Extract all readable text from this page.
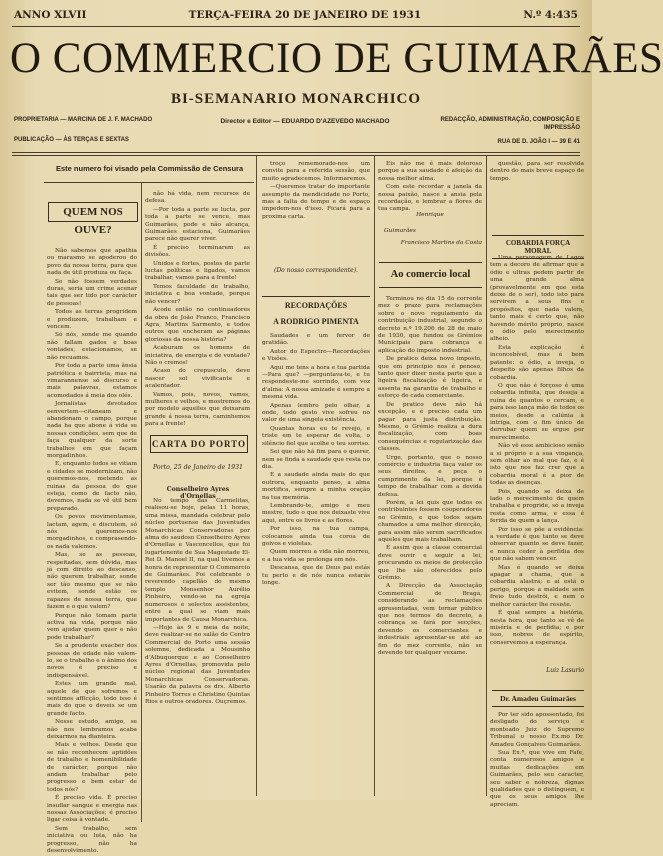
ANNO XLVII	TERÇA-FEIRA 20 DE JANEIRO DE 1931	N.º 4:435
O COMMERCIO DE GUIMARÃES
BI-SEMANARIO MONARCHICO
PROPRIETARIA — MARCINA DE J. F. MACHADO
PUBLICAÇÃO — ÀS TERÇAS E SEXTAS
Director e Editor — EDUARDO D'AZEVEDO MACHADO	REDACÇÃO, ADMINISTRAÇÃO, COMPOSIÇÃO E IMPRESSÃO
RUA DE D. JOÃO I — 39 E 41
Este numero foi visado pela Commissão de Censura
QUEM NOS OUVE?

Não sabemos que apathia ou marasmo se apoderou do povo da nossa terra, para que nada de útil produza ou faça.

Se não fossem verdades duras, seria um crime acenar tais que ser tido por carácter de pessoas!

Todos as terras progridem e produzem, trabalham e vencem.

Só nós, sonde me quando não fallam gados e boas vontades, estacionamos, se não recuamos.

Por toda a parte uma ânsia patriótica e bairrista, mas na vimarannense só discurso e mais palavras, estamos acomodados á meia dos olés.

Jornalistas devotados eenvertem—citaneam e abandonam o campo, porque nada ha que abone á vida se nossas condições, sem que de faça qualquer da sorte trabalhos em que façam morgadinhos.

E, enquanto todos se vitiam e cidades se modernizam, não queremos-nos, metendo as ruinas da pessoa do que esteja, como de facto não, devemos, nada se vê útil bem preparado.

Os povos movimentamse, lactam, agem, e discutem, só nós queremos-nos morgadinhos, e comprasendo-os nada valemos.

Mas, se as pessoas, respeitadas, sem dúvida, mas já com direito ao descanso, não querem trabalhar, sonde ser tão mesmo que se não evitem, sonde estão os rapazes de nossa terra, que fazem e o que valem?

Porque não tomam parte activa na vida, porque não vem ajudar quem quer e não pode trabalhar?

Se a prudente exacber dos pessoas de edade não valem-lo, se o trabalho e o ânimo dos novos é preciso e indispensável.

Estes um grande mal, aquele de que sofremos e sentimos afficção, todo isso é mais do que o deveis se um grande facto.

Nesse estudo, amigo, se não nos lembramos acaba deixarmos na dianteira.

Mais e velhos. Desde que se não reconhecem aptidões de trabalho e homenibilidade de carácter, porque não andam trabalhar pelo progresso e bem estar de todos nós?

É preciso vida. É preciso insuflar sangue e energia nas nossas Associações; é preciso ligar coisa à vontade.

Sem trabalho, sem iniciativa ou luta, não ha progresso, não ha desenvolvimento.

não há vida, nem recursos de defesa.

—Por toda a parte se lucta, por toda a parte se vence, mas Guimarães, pode e não alcança, Guimarães estaciona, Guimarães parece não querer viver.

É preciso terminarem as divisões.

Unidos e fortes, postos de parte luctas políticas e ligados, vamos trabalhar, vamos para a frente!

Temos faculdade de trabalho, iniciativa e boa vontade, porque não vencer?

Acode então no continuadores da obra de João Franco, Francisco Agra, Martins Sarmento, e todos outros que encheram as páginas gloriosas da nossa história?

Acaburam os homens de iniciativa, de energia e de vontade? Não o cremos!

Acaso do crepusculo, deve nascer sol vivificante e acalentador.

Vamos, pois, novos, vamos, mulheres e velhos, e mostremos do por modelo aquelles que deixaram grande á nossa terra, caminhemos para a frente!

CARTA DO PORTO
Porto, 25 de Janeiro de 1931
Conselheiro Ayres d'Ornellas

No tempo das Carmelitas, realisou-se hoje, pelas 11 horas, uma missa, mandada celebrar pelo núcleo portuense das Juventudes Monarchicas Conservadoras por alma do saudoso Conselheiro Ayres d'Ornellas e Vasconcellos, que foi lugartenente de Sua Magestade El-Rei D. Manoel II, na qual tivemos a honra de representar O Commercio de Guimarães. Foi celebrante o reverendo capellão do mesmo templo Monsenhor Aurélio Pinheiro, vendo-se na egreja numerosos e selectos assistentes, entre a qual se viam mais importantes de Causa Monarchica.

—Hoje às 9 e meia da noite, deve realizar-se no salão do Centro Commercial do Porto uma sessão solemne, dedicada a Mousinho d'Albuquerque e ao Conselheiro Ayres d'Ornellas, promovida pelo núcleo regional das Juventudes Monarchicas Conservadoras. Usarão da palavra os drs. Alberto Pinheiro Torres e Christino Quintas Rios e outros oradores. Ouçremos.

troço rememorado-nos um convite para a referida sessão, que muito agradecemos. Informaremos.

—Queremos tratar do importante assumpto da mendicidade no Porto, mas a falta de tempo e de espaço impedem-nos d'isso. Ficará para a proxima carta.

(Do nosso correspondente).
RECORDAÇÕES
A RODRIGO PIMENTA

Saudades e um fervor de gratidão.

Autor do Espectro—Recordações e Visões.

Aqui me tens a hora e tua partida—Para que? —perguntava-te, e tu respondeste-me sorrindo, com voz d'alma: A nossa amizade é sempre a mesma vida.

Apenas lembro pelo olhar, a onde, todo gesto vive sofreu no valor de uma singela existência.

Quantas horas eu te revejo, e triste em te esperar de volta, o silêncio fiel que acolhe o teu sorriso.

Sei que não há fim para o querer, nem se finda a saudade que resta no dia.

E a saudade ainda mais do que outrora, enquanto penso, a alma mortifica, sempre a minha oração na tua memória.

Lembrando-te, amigo e meu mestre, tudo o que nos deixaste vive aqui, entre os livros e as flores.

Por isso, na tua campa, colocamos ainda tua coroa de goivos e violetas.

Quem morreu a vida não morreu, e a tua vida se prolonga em nós.

Descansa, que de Deus pai estás tu perto e de nós nunca estarás longe.

Eis não me é mais doloroso porque a sua saudade é afeição da nossa melhor alma.

Com este recordar a janela da nossa paixão, nasce a ansia pela recordação, e lembrar a flores de tua campa.

Henrique
Guimarães
Francisco Martins da Costa
Ao comercio local

Terminou no dia 15 do corrente mez o prazo para reclamações sobre o novo regulamento da contribuição industrial, segundo o decreto n.º 19.206 de 28 de maio de 1930, que fundou os Grémios Municipais para cobrança e aplicação do imposto industrial.

De pratico deixa novo imposto, que em princípio nos é penoso, tanto quer dizer nesta parte que a ligeira fiscalização é ligeira, e assenta na garantia de trabalho e esforço de cada comerciante.

De pratico deve não há excepção, e é preciso cada um pagar para justa distribuição. Mesmo, o Grémio realiza a dura fiscalização, com boas consequências e regularização das classes.

Urge, portanto, que o nosso comércio e industria faça valer os seus direitos, e peça o cumprimento da lei, porque é tempo de trabalhar com a devida defesa.

Porém, a lei quis que todos os contribuintes fossem cooperadores no Grémio, e que todos sejam chamados a uma melhor direcção, para assim não serem sacrificados aqueles que mais trabalham.

É assim que a classe comercial deve ouvir e seguir a lei, procurando os meios de protecção que lhe são oferecidos pelo Grémio.

A Direcção da Associação Commercial de Braga, considerando as reclamações apresentadas, vem tornar público que nos termos do decreto, a cobrança se fará por secções, devendo os comerciantes e industriais apresentar-se até ao fim do mez corrente, não se devendo ter qualquer vexame.

questão, para ser resolvida dentro do mais breve espaço de tempo.

COBARDIA FORÇA MORAL

Uma personagem de Lagos tem a decoro de afirmar que a ódio e ultras pedem partir de uma grande alma (provavelmente em que esta deixe de o ser), todo isto para servirem a seus fins e propósitos, que nada valem, tanto mais é certo que, não havendo mérito próprio, nasce o ódio pelo merecimento alheio.

Esta explicação é inconcebível, mas é bem patente: o ódio, a inveja, o despeito são apenas filhos da cobardia.

O que não é forçoso é uma cobardia infinita, que deseja a ruína de quantos o cercam, e para isso lança mão de todos os meios, desde a calúnia à intriga, com o fim único de derrubar quem se ergue por merecimento.

Não vê esse ambicioso senão a si próprio e a sua vingança, sem olhar ao mal que faz, e é isto que nos faz crer que a cobardia moral é a pior de todas as doenças.

Pois, quando se deixa de lado o merecimento de quem trabalha e progride, só a inveja resta como arma, e essa é ferida de quem a lança.

Por isso se põe a evidência: a verdade é que tanto se deve observar quanto se deve fazer, e nunca ceder à perfídia dos que não sabem vencer.

Mas é quando se deixa apagar a chama, que a cobardia alastra; e aí está o perigo, porque a maldade sem freio tudo destrói, e nem o melhor carácter lhe resiste.

É qual sempre a história, nesta hora, que tanto se vê de miséria e de perfídia; e por isso, nobres de espírito, conservemos a esperança.

Luiz Lasurio
Dr. Amadeu Guimarães

Por ter sido apossentado, foi desligado do serviço e monteado Juiz do Supremo Tribunal o nosso Ex.mo Dr. Amadeu Gonçalves Guimarães.

Sua Ex.ª, que vive em Fafe, conta numerosos amigos e muitas dedicações em Guimarães, pelo seu caracter, seu saber e nobreza, dignas qualidades que o distinguem, e que os seus amigos lhe apreciam.
